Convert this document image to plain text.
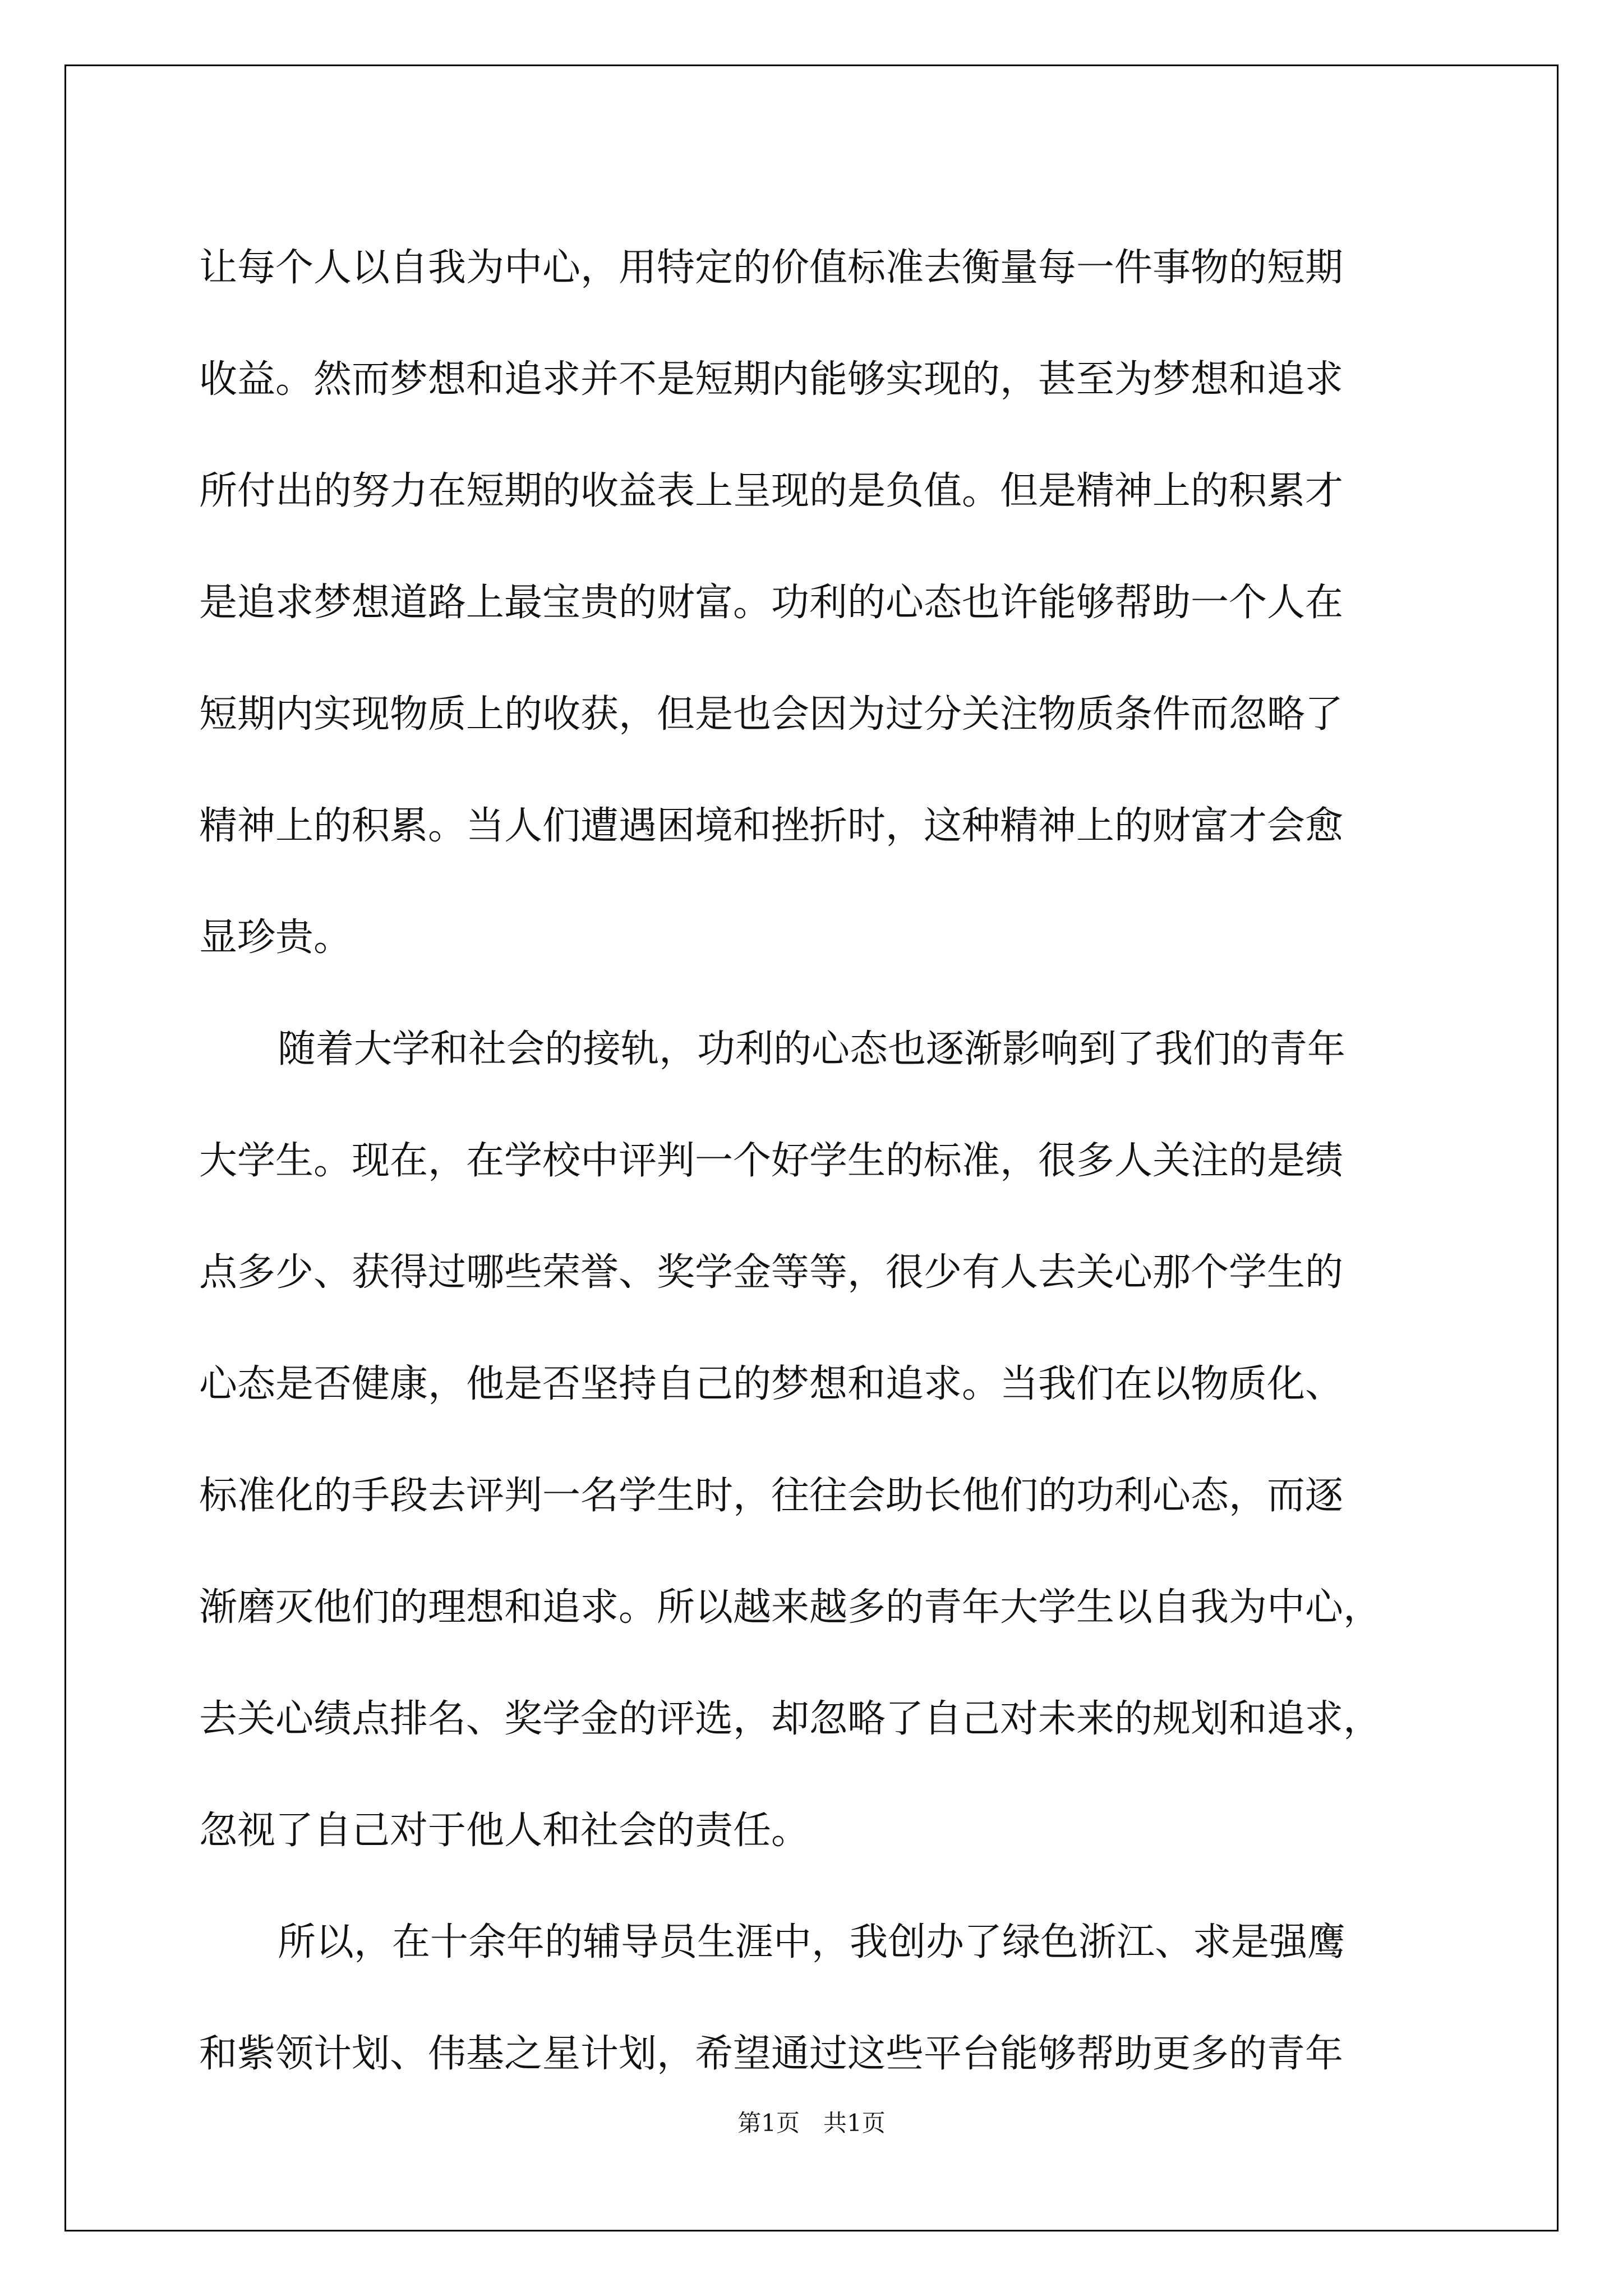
让每个人以自我为中心，用特定的价值标准去衡量每一件事物的短期
收益。然而梦想和追求并不是短期内能够实现的，甚至为梦想和追求
所付出的努力在短期的收益表上呈现的是负值。但是精神上的积累才
是追求梦想道路上最宝贵的财富。功利的心态也许能够帮助一个人在
短期内实现物质上的收获，但是也会因为过分关注物质条件而忽略了
精神上的积累。当人们遭遇困境和挫折时，这种精神上的财富才会愈
显珍贵。
随着大学和社会的接轨，功利的心态也逐渐影响到了我们的青年
大学生。现在，在学校中评判一个好学生的标准，很多人关注的是绩
点多少、获得过哪些荣誉、奖学金等等，很少有人去关心那个学生的
心态是否健康，他是否坚持自己的梦想和追求。当我们在以物质化、
标准化的手段去评判一名学生时，往往会助长他们的功利心态，而逐
渐磨灭他们的理想和追求。所以越来越多的青年大学生以自我为中心，
去关心绩点排名、奖学金的评选，却忽略了自己对未来的规划和追求，
忽视了自己对于他人和社会的责任。
所以，在十余年的辅导员生涯中，我创办了绿色浙江、求是强鹰
和紫领计划、伟基之星计划，希望通过这些平台能够帮助更多的青年
第1页　共1页
